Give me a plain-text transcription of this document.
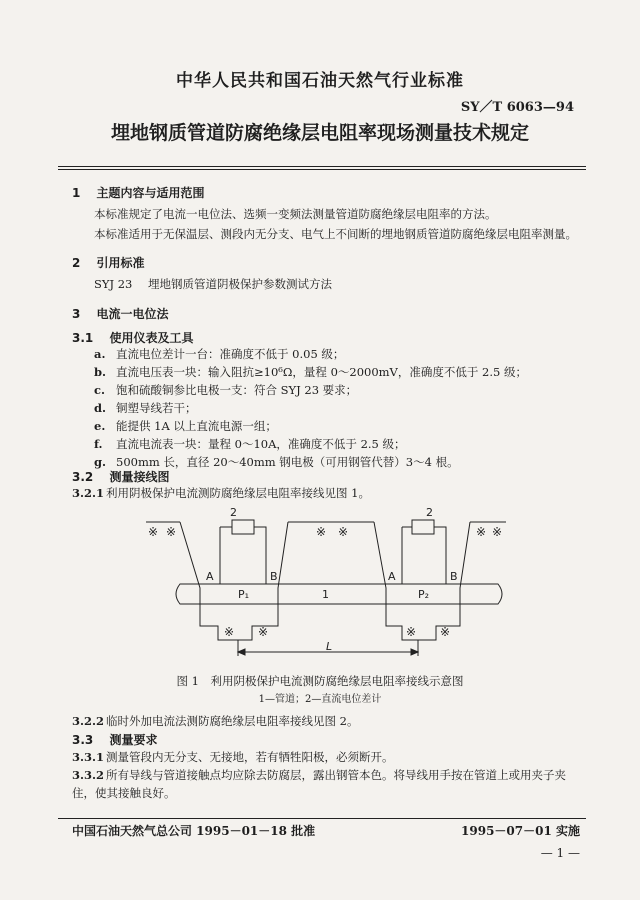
中华人民共和国石油天然气行业标准
SY／T 6063—94
埋地钢质管道防腐绝缘层电阻率现场测量技术规定
1 主题内容与适用范围
本标准规定了电流一电位法、选频一变频法测量管道防腐绝缘层电阻率的方法。
本标准适用于无保温层、测段内无分支、电气上不间断的埋地钢质管道防腐绝缘层电阻率测量。
2 引用标准
SYJ 23 埋地钢质管道阴极保护参数测试方法
3 电流一电位法
3.1 使用仪表及工具
a. 直流电位差计一台：准确度不低于 0.05 级；
b. 直流电压表一块：输入阻抗≥10⁶Ω，量程 0～2000mV，准确度不低于 2.5 级；
c. 饱和硫酸铜参比电极一支：符合 SYJ 23 要求；
d. 铜塑导线若干；
e. 能提供 1A 以上直流电源一组；
f. 直流电流表一块：量程 0～10A，准确度不低于 2.5 级；
g. 500mm 长，直径 20～40mm 钢电极（可用钢管代替）3～4 根。
3.2 测量接线图
3.2.1 利用阴极保护电流测防腐绝缘层电阻率接线见图 1。
2	2
A	B	A	B
P₁	P₂
1
L
※ ※	※ ※	※ ※
※ ※	※ ※
图 1　利用阴极保护电流测防腐绝缘层电阻率接线示意图
1—管道；2—直流电位差计
3.2.2 临时外加电流法测防腐绝缘层电阻率接线见图 2。
3.3 测量要求
3.3.1 测量管段内无分支、无接地，若有牺牲阳极，必须断开。
3.3.2 所有导线与管道接触点均应除去防腐层，露出钢管本色。将导线用手按在管道上或用夹子夹
住，使其接触良好。
中国石油天然气总公司 1995－01－18 批准	1995－07－01 实施
— 1 —
